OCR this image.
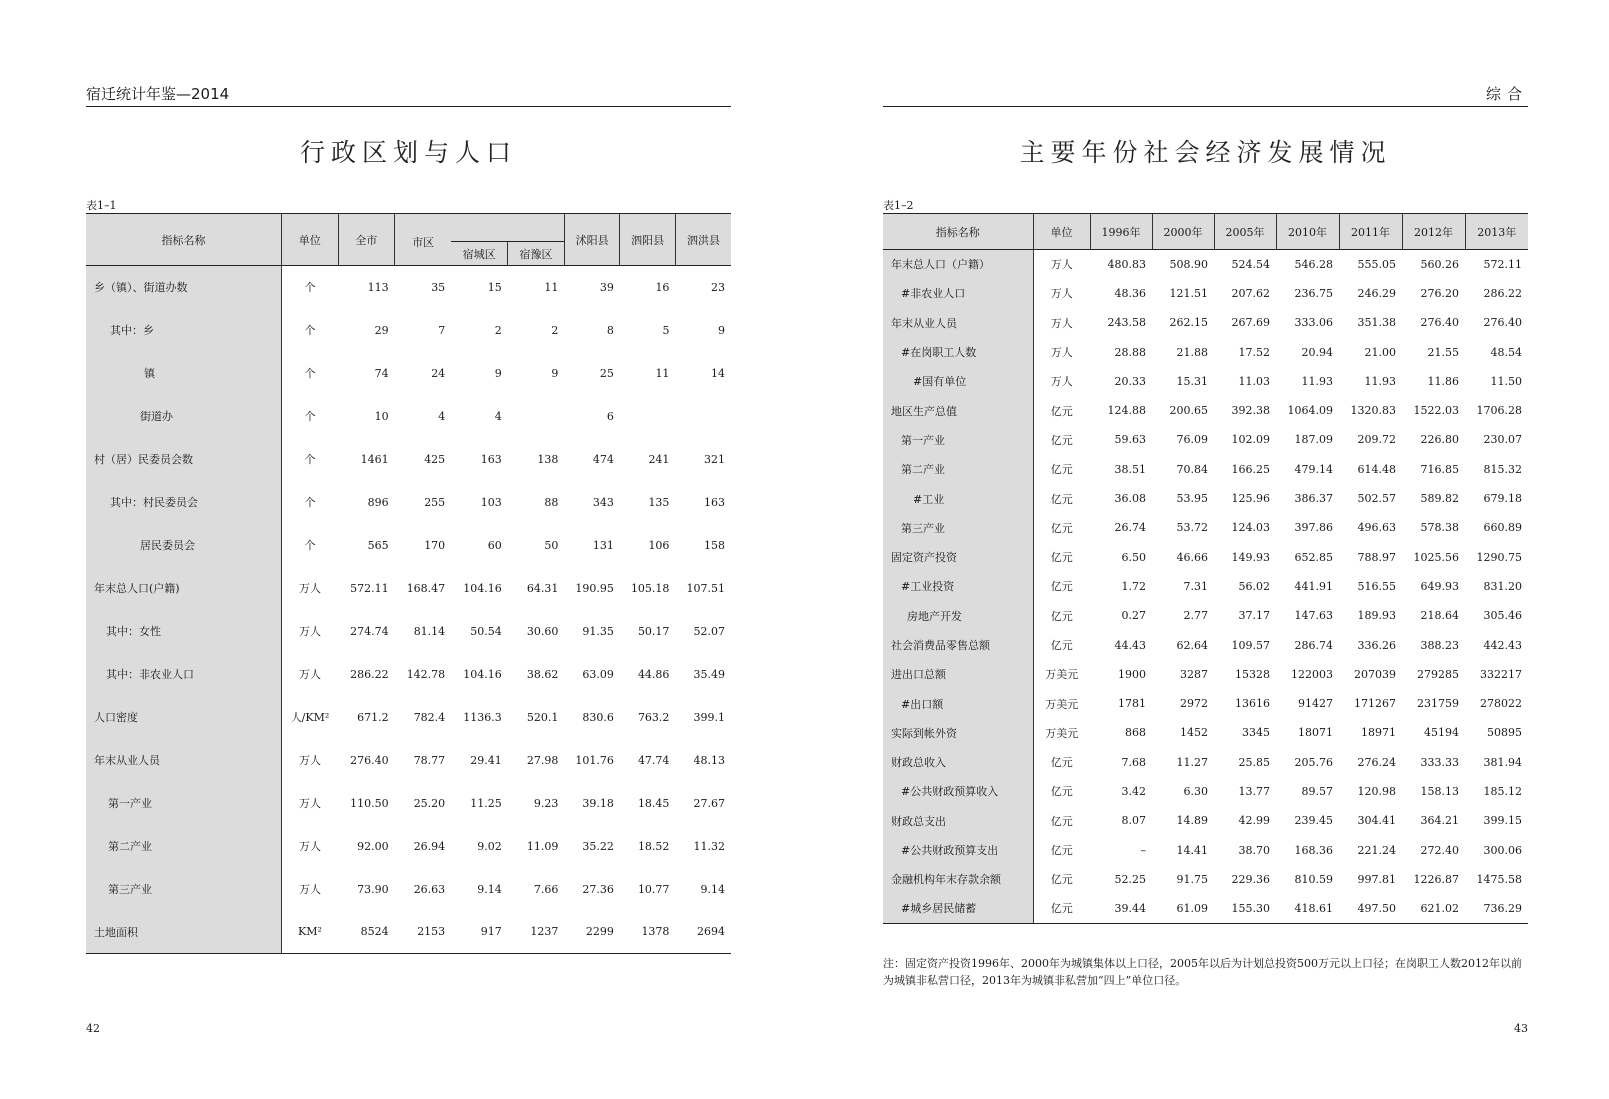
宿迁统计年鉴—2014
行政区划与人口
表1–1
指标名称	单位	全市	市区			沭阳县	泗阳县	泗洪县
				宿城区	宿豫区			
乡（镇）、街道办数	个	113	35	15	11	39	16	23
其中：乡	个	29	7	2	2	8	5	9
镇	个	74	24	9	9	25	11	14
街道办	个	10	4	4		6		
村（居）民委员会数	个	1461	425	163	138	474	241	321
其中：村民委员会	个	896	255	103	88	343	135	163
居民委员会	个	565	170	60	50	131	106	158
年末总人口(户籍)	万人	572.11	168.47	104.16	64.31	190.95	105.18	107.51
其中：女性	万人	274.74	81.14	50.54	30.60	91.35	50.17	52.07
其中：非农业人口	万人	286.22	142.78	104.16	38.62	63.09	44.86	35.49
人口密度	人/KM²	671.2	782.4	1136.3	520.1	830.6	763.2	399.1
年末从业人员	万人	276.40	78.77	29.41	27.98	101.76	47.74	48.13
第一产业	万人	110.50	25.20	11.25	9.23	39.18	18.45	27.67
第二产业	万人	92.00	26.94	9.02	11.09	35.22	18.52	11.32
第三产业	万人	73.90	26.63	9.14	7.66	27.36	10.77	9.14
土地面积	KM²	8524	2153	917	1237	2299	1378	2694
42
综合
主要年份社会经济发展情况
表1–2
指标名称	单位	1996年	2000年	2005年	2010年	2011年	2012年	2013年
年末总人口（户籍）	万人	480.83	508.90	524.54	546.28	555.05	560.26	572.11
#非农业人口	万人	48.36	121.51	207.62	236.75	246.29	276.20	286.22
年末从业人员	万人	243.58	262.15	267.69	333.06	351.38	276.40	276.40
#在岗职工人数	万人	28.88	21.88	17.52	20.94	21.00	21.55	48.54
#国有单位	万人	20.33	15.31	11.03	11.93	11.93	11.86	11.50
地区生产总值	亿元	124.88	200.65	392.38	1064.09	1320.83	1522.03	1706.28
第一产业	亿元	59.63	76.09	102.09	187.09	209.72	226.80	230.07
第二产业	亿元	38.51	70.84	166.25	479.14	614.48	716.85	815.32
#工业	亿元	36.08	53.95	125.96	386.37	502.57	589.82	679.18
第三产业	亿元	26.74	53.72	124.03	397.86	496.63	578.38	660.89
固定资产投资	亿元	6.50	46.66	149.93	652.85	788.97	1025.56	1290.75
#工业投资	亿元	1.72	7.31	56.02	441.91	516.55	649.93	831.20
房地产开发	亿元	0.27	2.77	37.17	147.63	189.93	218.64	305.46
社会消费品零售总额	亿元	44.43	62.64	109.57	286.74	336.26	388.23	442.43
进出口总额	万美元	1900	3287	15328	122003	207039	279285	332217
#出口额	万美元	1781	2972	13616	91427	171267	231759	278022
实际到帐外资	万美元	868	1452	3345	18071	18971	45194	50895
财政总收入	亿元	7.68	11.27	25.85	205.76	276.24	333.33	381.94
#公共财政预算收入	亿元	3.42	6.30	13.77	89.57	120.98	158.13	185.12
财政总支出	亿元	8.07	14.89	42.99	239.45	304.41	364.21	399.15
#公共财政预算支出	亿元	–	14.41	38.70	168.36	221.24	272.40	300.06
金融机构年末存款余额	亿元	52.25	91.75	229.36	810.59	997.81	1226.87	1475.58
#城乡居民储蓄	亿元	39.44	61.09	155.30	418.61	497.50	621.02	736.29
注：固定资产投资1996年、2000年为城镇集体以上口径，2005年以后为计划总投资500万元以上口径；在岗职工人数2012年以前为城镇非私营口径，2013年为城镇非私营加“四上”单位口径。
43
